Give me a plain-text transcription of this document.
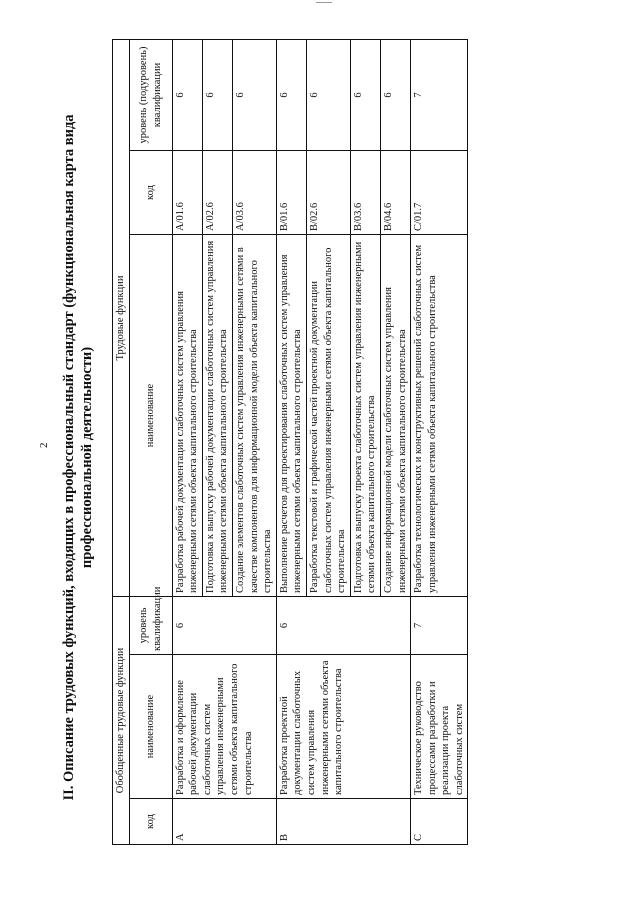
2 II. Описание трудовых функций, входящих в профессиональный стандарт (функциональная карта вида профессиональной деятельности)
Обобщенные трудовые функции			Трудовые функции		
код	наименование	уровень квалификации	наименование	код	уровень (подуровень) квалификации
A	Разработка и оформление рабочей документации слаботочных систем управления инженерными сетями объекта капитального строительства	6	Разработка рабочей документации слаботочных систем управления инженерными сетями объекта капитального строительства	A/01.6	6
			Подготовка к выпуску рабочей документации слаботочных систем управления инженерными сетями объекта капитального строительства	A/02.6	6
			Создание элементов слаботочных систем управления инженерными сетями в качестве компонентов для информационной модели объекта капитального строительства	A/03.6	6
B	Разработка проектной документации слаботочных систем управления инженерными сетями объекта капитального строительства	6	Выполнение расчетов для проектирования слаботочных систем управления инженерными сетями объекта капитального строительства	B/01.6	6
			Разработка текстовой и графической частей проектной документации слаботочных систем управления инженерными сетями объекта капитального строительства	B/02.6	6
			Подготовка к выпуску проекта слаботочных систем управления инженерными сетями объекта капитального строительства	B/03.6	6
			Создание информационной модели слаботочных систем управления инженерными сетями объекта капитального строительства	B/04.6	6
C	Техническое руководство процессами разработки и реализации проекта слаботочных систем	7	Разработка технологических и конструктивных решений слаботочных систем управления инженерными сетями объекта капитального строительства	C/01.7	7
